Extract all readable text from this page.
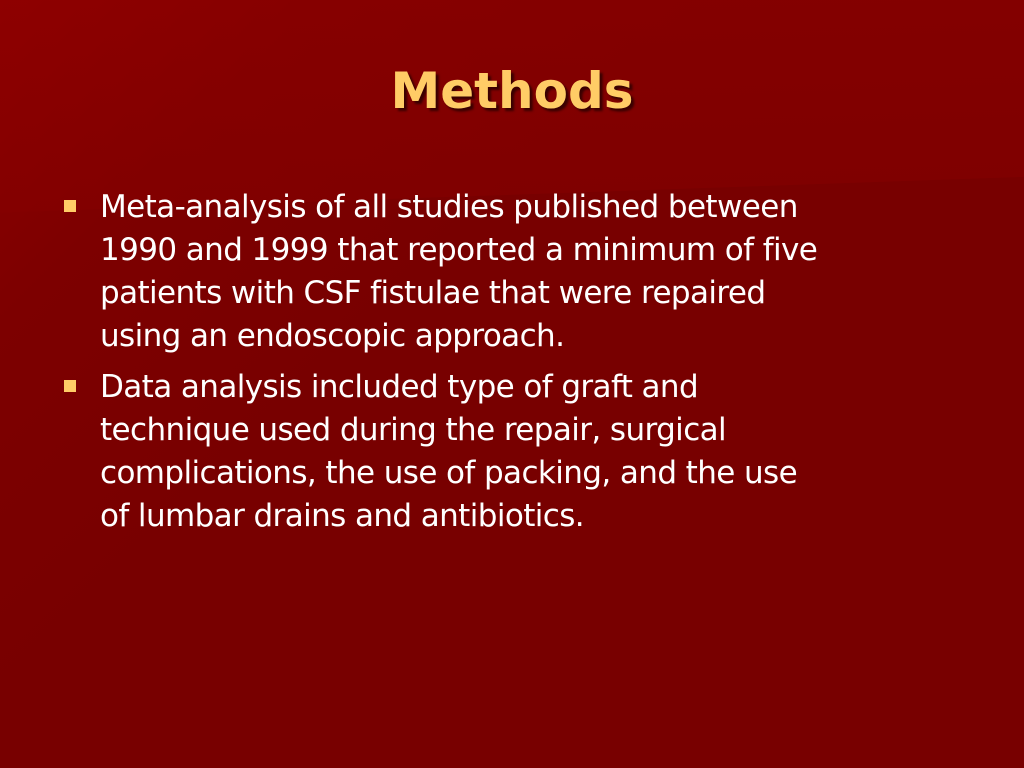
Methods
Meta-analysis of all studies published between
1990 and 1999 that reported a minimum of five
patients with CSF fistulae that were repaired
using an endoscopic approach.
Data analysis included type of graft and
technique used during the repair, surgical
complications, the use of packing, and the use
of lumbar drains and antibiotics.
